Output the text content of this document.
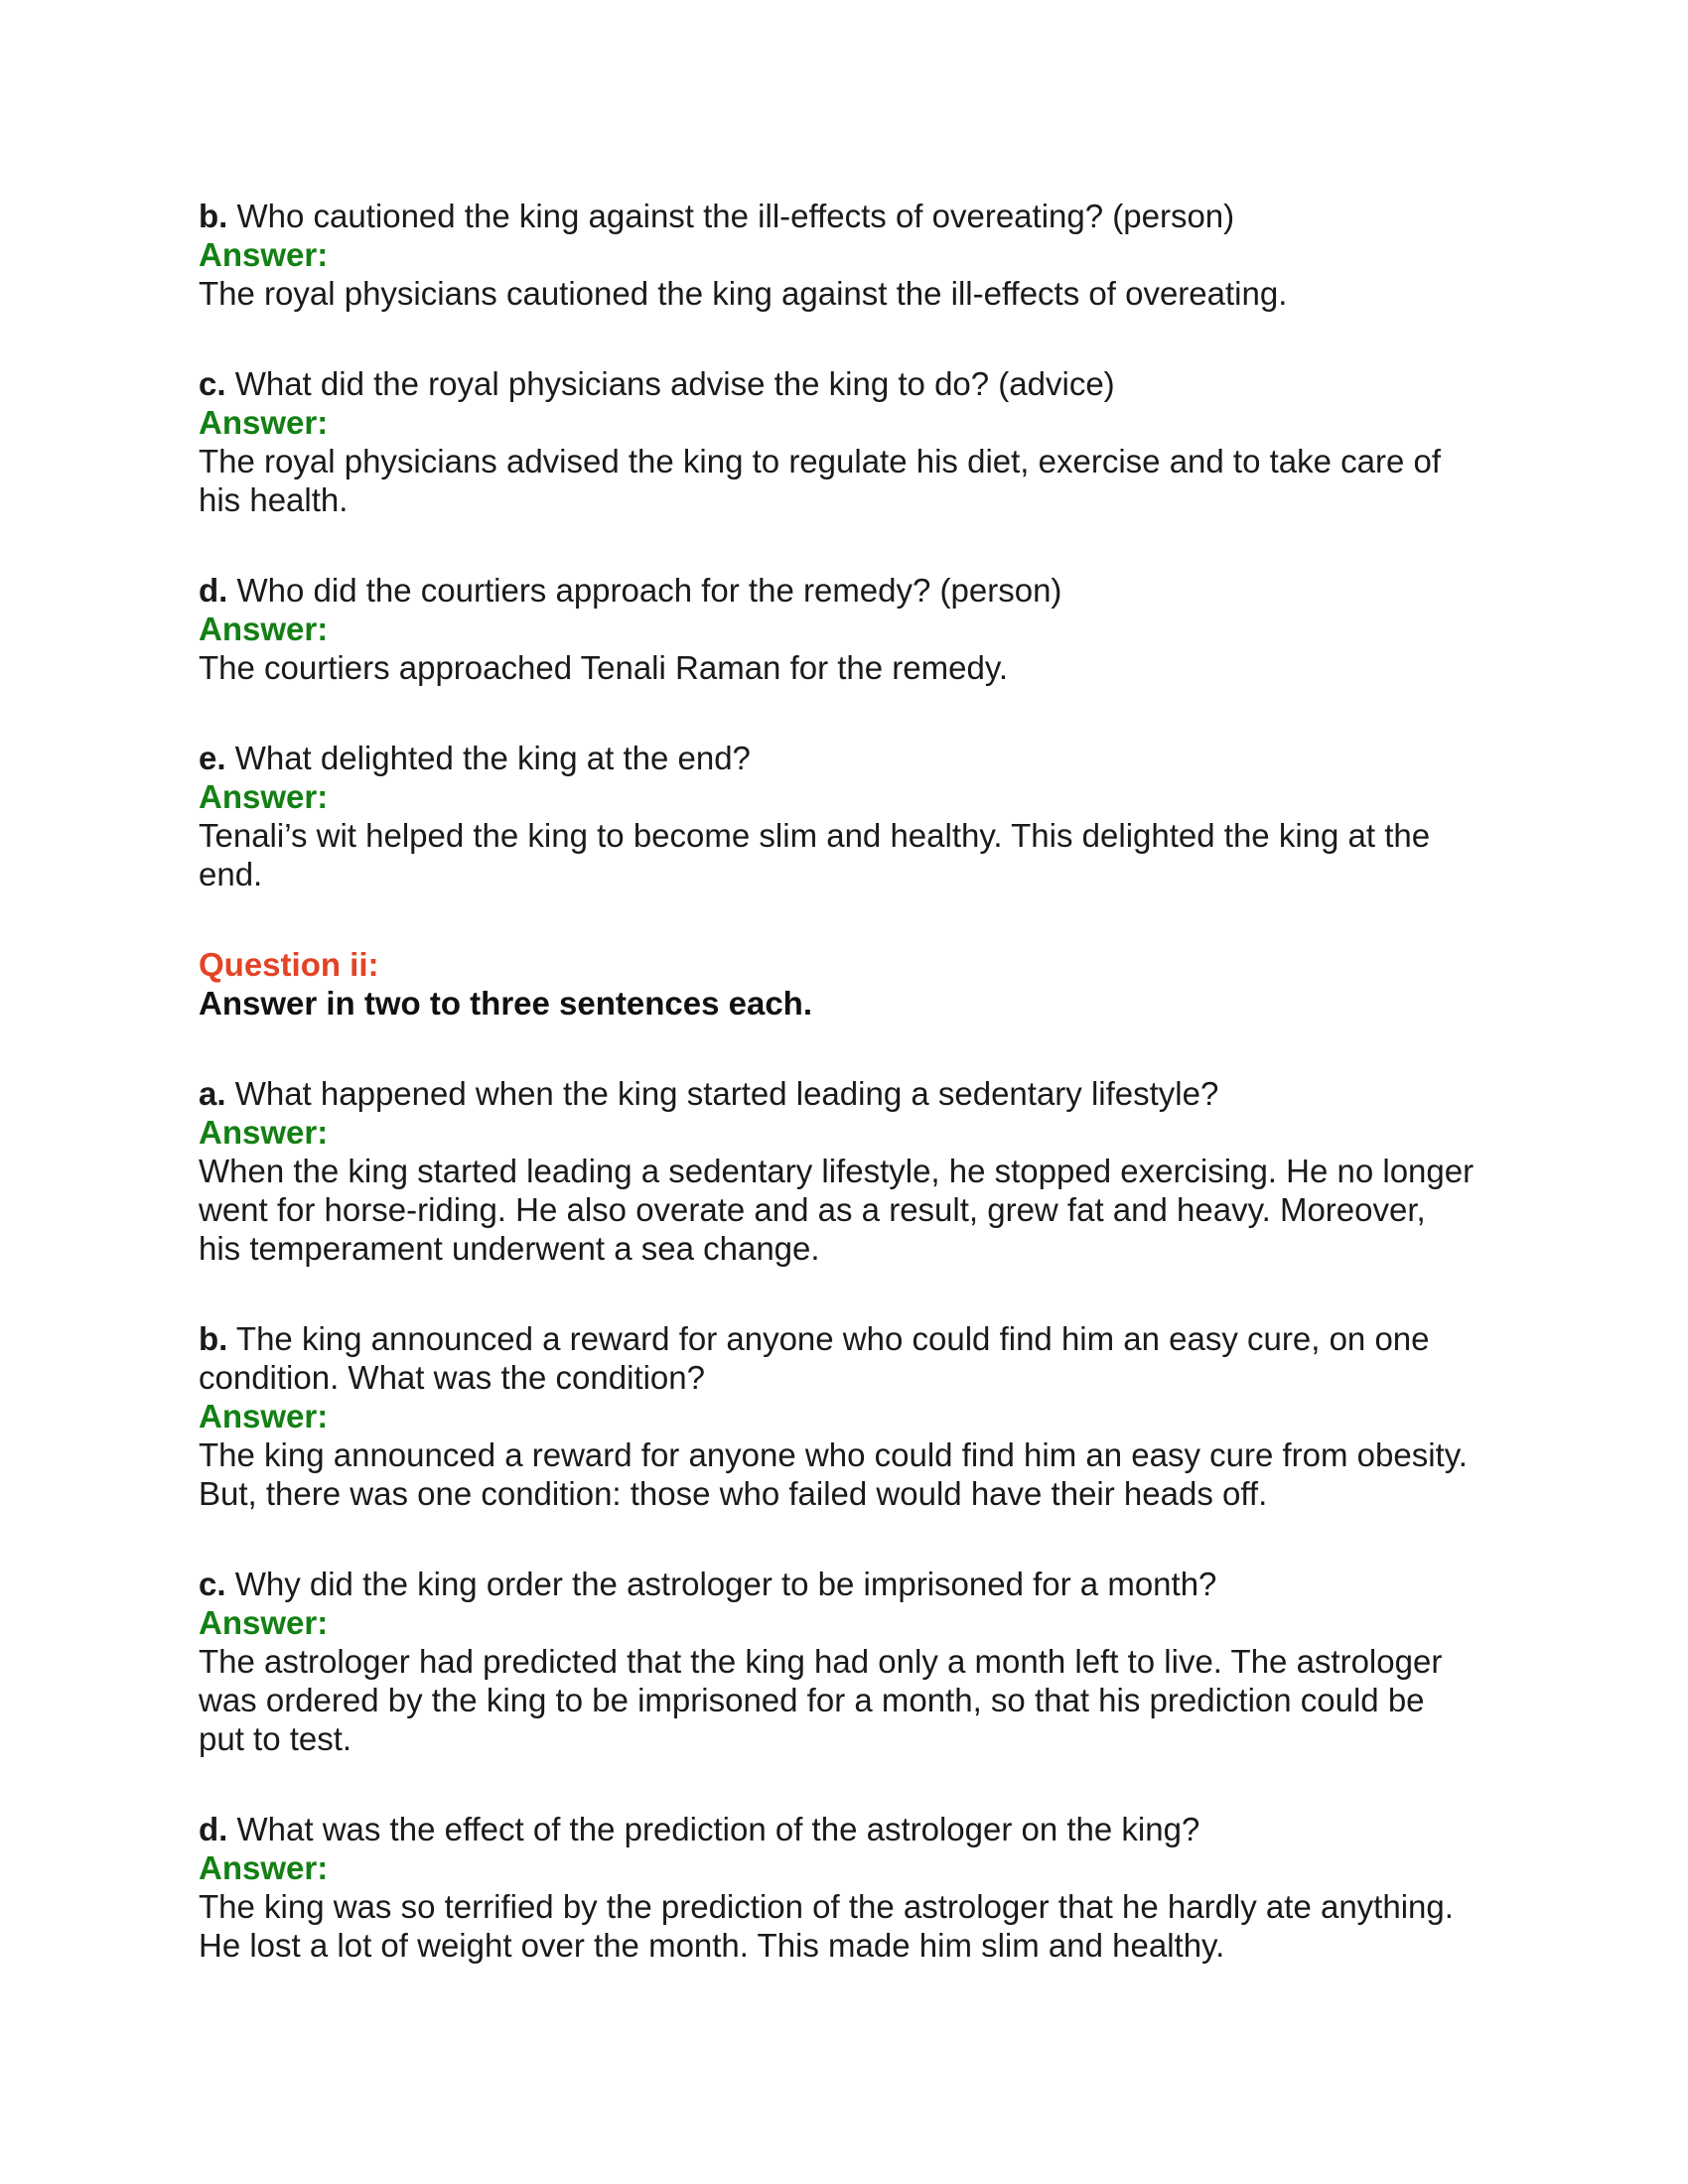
b. Who cautioned the king against the ill-effects of overeating? (person)
Answer:
The royal physicians cautioned the king against the ill-effects of overeating.
c. What did the royal physicians advise the king to do? (advice)
Answer:
The royal physicians advised the king to regulate his diet, exercise and to take care of
his health.
d. Who did the courtiers approach for the remedy? (person)
Answer:
The courtiers approached Tenali Raman for the remedy.
e. What delighted the king at the end?
Answer:
Tenali’s wit helped the king to become slim and healthy. This delighted the king at the
end.
Question ii:
Answer in two to three sentences each.
a. What happened when the king started leading a sedentary lifestyle?
Answer:
When the king started leading a sedentary lifestyle, he stopped exercising. He no longer
went for horse-riding. He also overate and as a result, grew fat and heavy. Moreover,
his temperament underwent a sea change.
b. The king announced a reward for anyone who could find him an easy cure, on one
condition. What was the condition?
Answer:
The king announced a reward for anyone who could find him an easy cure from obesity.
But, there was one condition: those who failed would have their heads off.
c. Why did the king order the astrologer to be imprisoned for a month?
Answer:
The astrologer had predicted that the king had only a month left to live. The astrologer
was ordered by the king to be imprisoned for a month, so that his prediction could be
put to test.
d. What was the effect of the prediction of the astrologer on the king?
Answer:
The king was so terrified by the prediction of the astrologer that he hardly ate anything.
He lost a lot of weight over the month. This made him slim and healthy.
